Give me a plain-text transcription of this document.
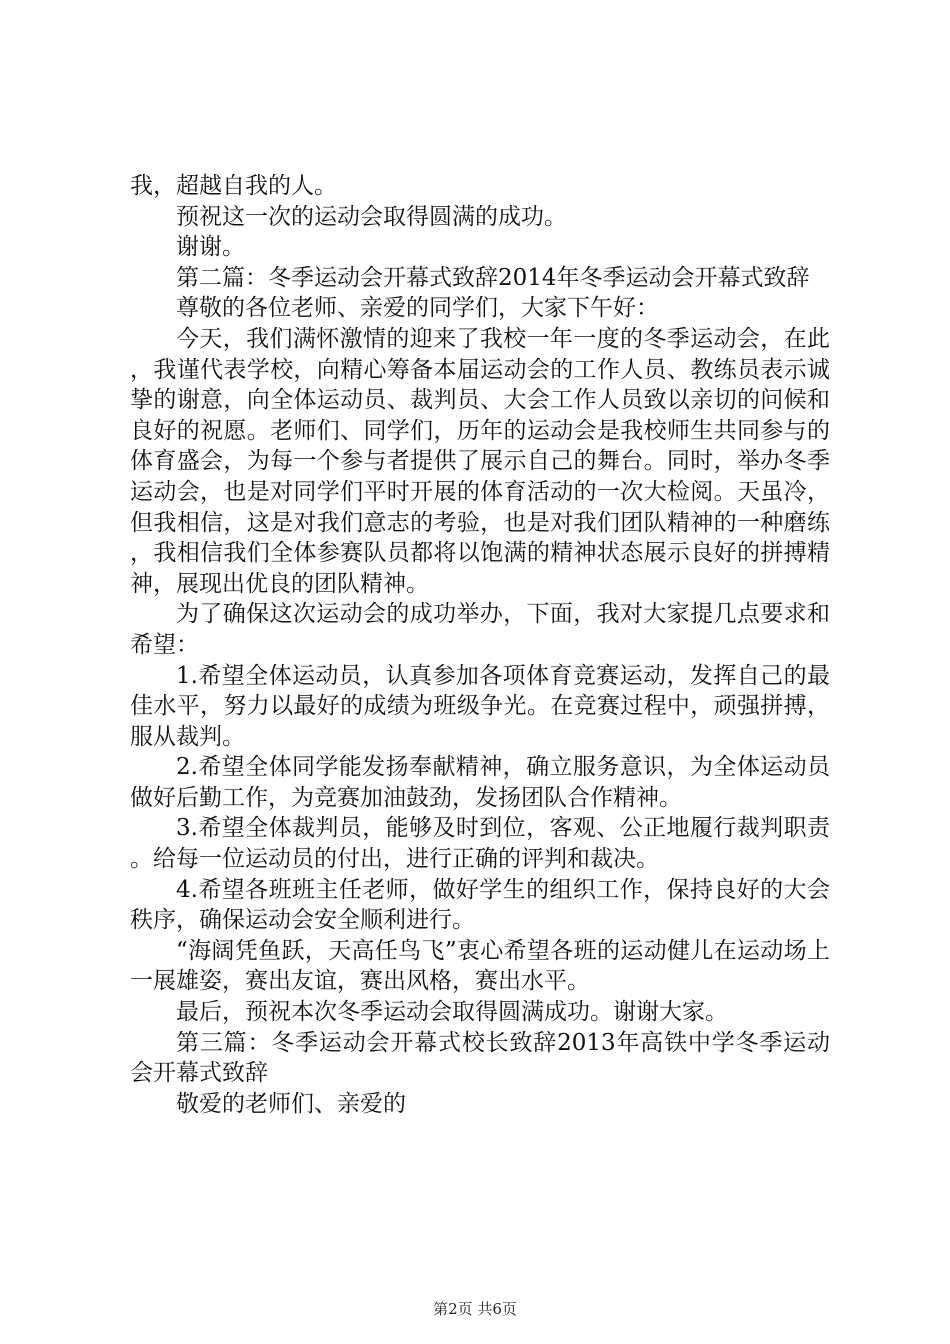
我，超越自我的人。

预祝这一次的运动会取得圆满的成功。

谢谢。

第二篇：冬季运动会开幕式致辞2014年冬季运动会开幕式致辞

尊敬的各位老师、亲爱的同学们，大家下午好：

今天，我们满怀激情的迎来了我校一年一度的冬季运动会，在此，我谨代表学校，向精心筹备本届运动会的工作人员、教练员表示诚挚的谢意，向全体运动员、裁判员、大会工作人员致以亲切的问候和良好的祝愿。老师们、同学们，历年的运动会是我校师生共同参与的体育盛会，为每一个参与者提供了展示自己的舞台。同时，举办冬季运动会，也是对同学们平时开展的体育活动的一次大检阅。天虽冷，但我相信，这是对我们意志的考验，也是对我们团队精神的一种磨练，我相信我们全体参赛队员都将以饱满的精神状态展示良好的拼搏精神，展现出优良的团队精神。

为了确保这次运动会的成功举办，下面，我对大家提几点要求和希望：

1.希望全体运动员，认真参加各项体育竞赛运动，发挥自己的最佳水平，努力以最好的成绩为班级争光。在竞赛过程中，顽强拼搏，服从裁判。

2.希望全体同学能发扬奉献精神，确立服务意识，为全体运动员做好后勤工作，为竞赛加油鼓劲，发扬团队合作精神。

3.希望全体裁判员，能够及时到位，客观、公正地履行裁判职责。给每一位运动员的付出，进行正确的评判和裁决。

4.希望各班班主任老师，做好学生的组织工作，保持良好的大会秩序，确保运动会安全顺利进行。

“海阔凭鱼跃，天高任鸟飞”衷心希望各班的运动健儿在运动场上一展雄姿，赛出友谊，赛出风格，赛出水平。

最后，预祝本次冬季运动会取得圆满成功。谢谢大家。

第三篇：冬季运动会开幕式校长致辞2013年高铁中学冬季运动会开幕式致辞

敬爱的老师们、亲爱的

第2页 共6页
